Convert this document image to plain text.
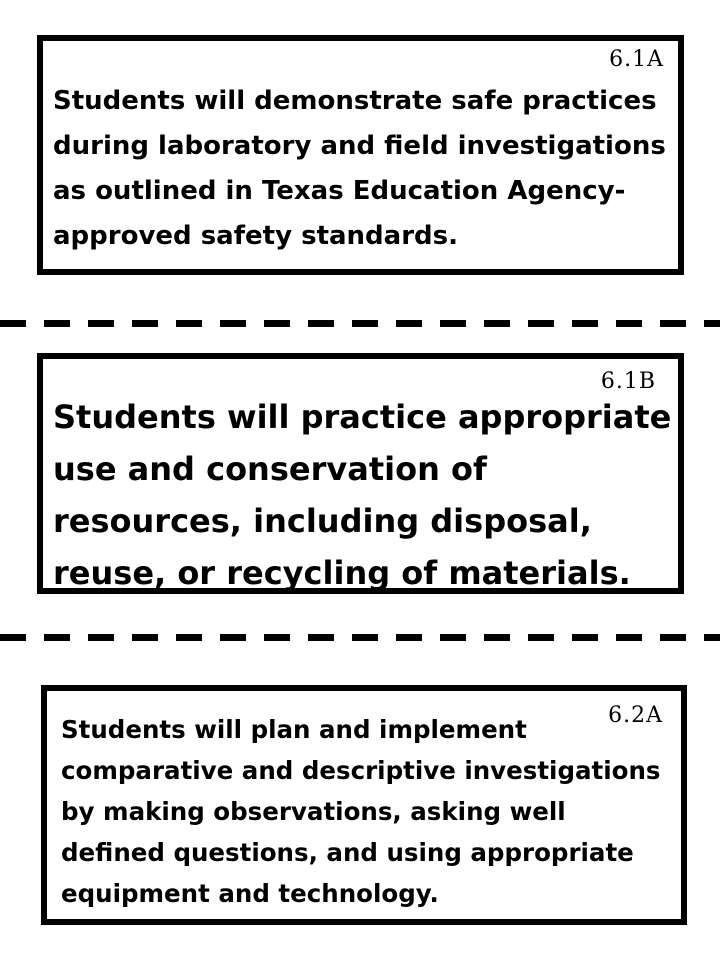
6.1A
Students will demonstrate safe practices
during laboratory and field investigations
as outlined in Texas Education Agency-
approved safety standards.
6.1B
Students will practice appropriate
use and conservation of
resources, including disposal,
reuse, or recycling of materials.
6.2A
Students will plan and implement
comparative and descriptive investigations
by making observations, asking well
defined questions, and using appropriate
equipment and technology.
